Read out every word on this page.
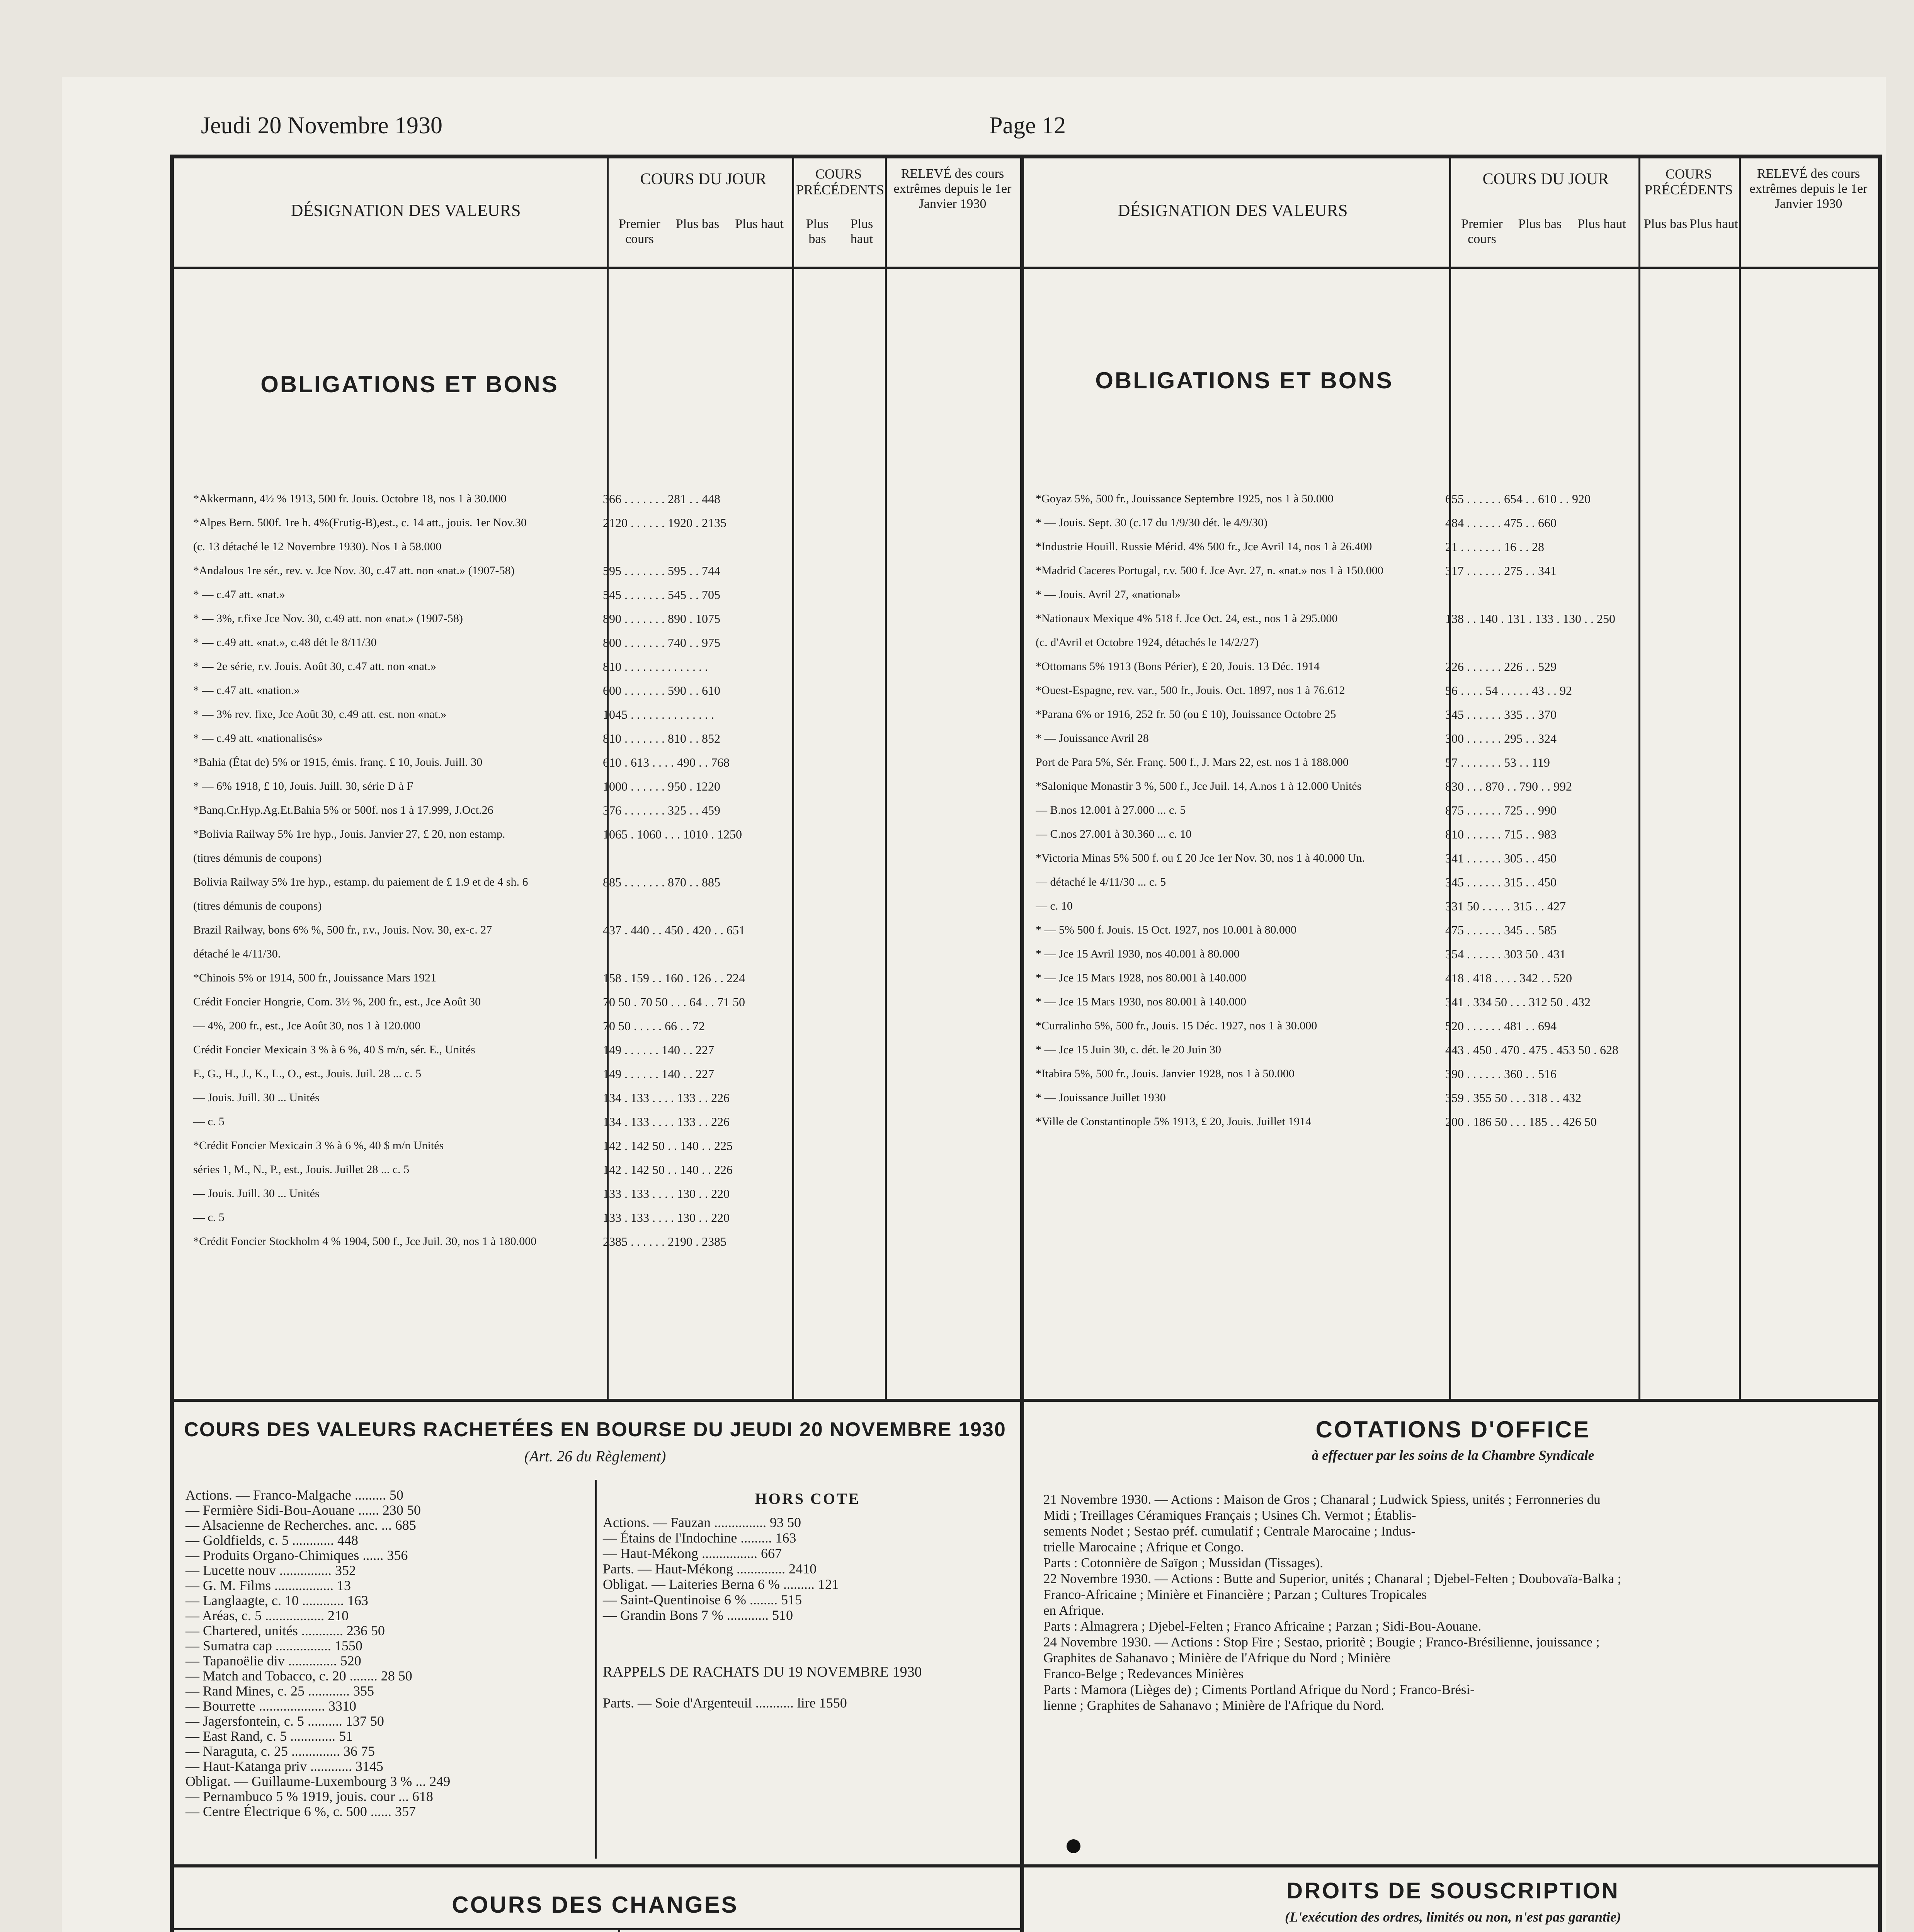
Jeudi 20 Novembre 1930	Page 12
DÉSIGNATION DES VALEURS
COURS DU JOUR	COURS PRÉCÉDENTS
RELEVÉ des cours extrêmes depuis le 1er Janvier 1930
Premier cours
Plus bas	Plus haut	Plus bas
Plus haut
DÉSIGNATION DES VALEURS
COURS DU JOUR	COURS PRÉCÉDENTS
RELEVÉ des cours extrêmes depuis le 1er Janvier 1930
Premier cours
Plus bas	Plus haut	Plus bas Plus haut
OBLIGATIONS ET BONS	OBLIGATIONS ET BONS
*Akkermann, 4½ % 1913, 500 fr. Jouis. Octobre 18, nos 1 à 30.000	366 . . . . . . . 281 . . 448
*Alpes Bern. 500f. 1re h. 4%(Frutig-B),est., c. 14 att., jouis. 1er Nov.30	2120 . . . . . . 1920 . 2135
(c. 13 détaché le 12 Novembre 1930). Nos 1 à 58.000
*Andalous 1re sér., rev. v. Jce Nov. 30, c.47 att. non «nat.» (1907-58)	595 . . . . . . . 595 . . 744
* — c.47 att. «nat.»	545 . . . . . . . 545 . . 705
* — 3%, r.fixe Jce Nov. 30, c.49 att. non «nat.» (1907-58)	890 . . . . . . . 890 . 1075
* — c.49 att. «nat.», c.48 dét le 8/11/30	800 . . . . . . . 740 . . 975
* — 2e série, r.v. Jouis. Août 30, c.47 att. non «nat.»	810 . . . . . . . . . . . . . .
* — c.47 att. «nation.»	600 . . . . . . . 590 . . 610
* — 3% rev. fixe, Jce Août 30, c.49 att. est. non «nat.»	1045 . . . . . . . . . . . . . .
* — c.49 att. «nationalisés»	810 . . . . . . . 810 . . 852
*Bahia (État de) 5% or 1915, émis. franç. £ 10, Jouis. Juill. 30	610 . 613 . . . . 490 . . 768
* — 6% 1918, £ 10, Jouis. Juill. 30, série D à F	1000 . . . . . . 950 . 1220
*Banq.Cr.Hyp.Ag.Et.Bahia 5% or 500f. nos 1 à 17.999, J.Oct.26	376 . . . . . . . 325 . . 459
*Bolivia Railway 5% 1re hyp., Jouis. Janvier 27, £ 20, non estamp.	1065 . 1060 . . . 1010 . 1250
(titres démunis de coupons)
Bolivia Railway 5% 1re hyp., estamp. du paiement de £ 1.9 et de 4 sh. 6	885 . . . . . . . 870 . . 885
(titres démunis de coupons)
Brazil Railway, bons 6% %, 500 fr., r.v., Jouis. Nov. 30, ex-c. 27	437 . 440 . . 450 . 420 . . 651
détaché le 4/11/30.
*Chinois 5% or 1914, 500 fr., Jouissance Mars 1921	158 . 159 . . 160 . 126 . . 224
Crédit Foncier Hongrie, Com. 3½ %, 200 fr., est., Jce Août 30	70 50 . 70 50 . . . 64 . . 71 50
— 4%, 200 fr., est., Jce Août 30, nos 1 à 120.000	70 50 . . . . . 66 . . 72
Crédit Foncier Mexicain 3 % à 6 %, 40 $ m/n, sér. E., Unités	149 . . . . . . 140 . . 227
F., G., H., J., K., L., O., est., Jouis. Juil. 28 ... c. 5	149 . . . . . . 140 . . 227
— Jouis. Juill. 30 ... Unités	134 . 133 . . . . 133 . . 226
— c. 5	134 . 133 . . . . 133 . . 226
*Crédit Foncier Mexicain 3 % à 6 %, 40 $ m/n Unités	142 . 142 50 . . 140 . . 225
séries 1, M., N., P., est., Jouis. Juillet 28 ... c. 5	142 . 142 50 . . 140 . . 226
— Jouis. Juill. 30 ... Unités	133 . 133 . . . . 130 . . 220
— c. 5	133 . 133 . . . . 130 . . 220
*Crédit Foncier Stockholm 4 % 1904, 500 f., Jce Juil. 30, nos 1 à 180.000	2385 . . . . . . 2190 . 2385
*Goyaz 5%, 500 fr., Jouissance Septembre 1925, nos 1 à 50.000	655 . . . . . . 654 . . 610 . . 920
* — Jouis. Sept. 30 (c.17 du 1/9/30 dét. le 4/9/30)	484 . . . . . . 475 . . 660
*Industrie Houill. Russie Mérid. 4% 500 fr., Jce Avril 14, nos 1 à 26.400	21 . . . . . . . 16 . . 28
*Madrid Caceres Portugal, r.v. 500 f. Jce Avr. 27, n. «nat.» nos 1 à 150.000	317 . . . . . . 275 . . 341
* — Jouis. Avril 27, «national»
*Nationaux Mexique 4% 518 f. Jce Oct. 24, est., nos 1 à 295.000	138 . . 140 . 131 . 133 . 130 . . 250
(c. d'Avril et Octobre 1924, détachés le 14/2/27)
*Ottomans 5% 1913 (Bons Périer), £ 20, Jouis. 13 Déc. 1914	226 . . . . . . 226 . . 529
*Ouest-Espagne, rev. var., 500 fr., Jouis. Oct. 1897, nos 1 à 76.612	56 . . . . 54 . . . . . 43 . . 92
*Parana 6% or 1916, 252 fr. 50 (ou £ 10), Jouissance Octobre 25	345 . . . . . . 335 . . 370
* — Jouissance Avril 28	300 . . . . . . 295 . . 324
Port de Para 5%, Sér. Franç. 500 f., J. Mars 22, est. nos 1 à 188.000	57 . . . . . . . 53 . . 119
*Salonique Monastir 3 %, 500 f., Jce Juil. 14, A.nos 1 à 12.000 Unités	830 . . . 870 . . 790 . . 992
— B.nos 12.001 à 27.000 ... c. 5	875 . . . . . . 725 . . 990
— C.nos 27.001 à 30.360 ... c. 10	810 . . . . . . 715 . . 983
*Victoria Minas 5% 500 f. ou £ 20 Jce 1er Nov. 30, nos 1 à 40.000 Un.	341 . . . . . . 305 . . 450
— détaché le 4/11/30 ... c. 5	345 . . . . . . 315 . . 450
— c. 10	331 50 . . . . . 315 . . 427
* — 5% 500 f. Jouis. 15 Oct. 1927, nos 10.001 à 80.000	475 . . . . . . 345 . . 585
* — Jce 15 Avril 1930, nos 40.001 à 80.000	354 . . . . . . 303 50 . 431
* — Jce 15 Mars 1928, nos 80.001 à 140.000	418 . 418 . . . . 342 . . 520
* — Jce 15 Mars 1930, nos 80.001 à 140.000	341 . 334 50 . . . 312 50 . 432
*Curralinho 5%, 500 fr., Jouis. 15 Déc. 1927, nos 1 à 30.000	520 . . . . . . 481 . . 694
* — Jce 15 Juin 30, c. dét. le 20 Juin 30	443 . 450 . 470 . 475 . 453 50 . 628
*Itabira 5%, 500 fr., Jouis. Janvier 1928, nos 1 à 50.000	390 . . . . . . 360 . . 516
* — Jouissance Juillet 1930	359 . 355 50 . . . 318 . . 432
*Ville de Constantinople 5% 1913, £ 20, Jouis. Juillet 1914	200 . 186 50 . . . 185 . . 426 50
COURS DES VALEURS RACHETÉES EN BOURSE DU JEUDI 20 NOVEMBRE 1930
(Art. 26 du Règlement)
Actions. — Franco-Malgache ......... 50
— Fermière Sidi-Bou-Aouane ...... 230 50
— Alsacienne de Recherches. anc. ... 685
— Goldfields, c. 5 ............ 448
— Produits Organo-Chimiques ...... 356
— Lucette nouv ............... 352
— G. M. Films ................. 13
— Langlaagte, c. 10 ............ 163
— Aréas, c. 5 ................. 210
— Chartered, unités ............ 236 50
— Sumatra cap ................ 1550
— Tapanoëlie div .............. 520
— Match and Tobacco, c. 20 ........ 28 50
— Rand Mines, c. 25 ............ 355
— Bourrette ................... 3310
— Jagersfontein, c. 5 .......... 137 50
— East Rand, c. 5 ............. 51
— Naraguta, c. 25 .............. 36 75
— Haut-Katanga priv ............ 3145
Obligat. — Guillaume-Luxembourg 3 % ... 249
— Pernambuco 5 % 1919, jouis. cour ... 618
— Centre Électrique 6 %, c. 500 ...... 357
HORS COTE
Actions. — Fauzan ............... 93 50
— Étains de l'Indochine ......... 163
— Haut-Mékong ................ 667
Parts. — Haut-Mékong .............. 2410
Obligat. — Laiteries Berna 6 % ......... 121
— Saint-Quentinoise 6 % ........ 515
— Grandin Bons 7 % ............ 510
RAPPELS DE RACHATS DU 19 NOVEMBRE 1930
Parts. — Soie d'Argenteuil ........... lire 1550
COTATIONS D'OFFICE
à effectuer par les soins de la Chambre Syndicale
21 Novembre 1930. — Actions : Maison de Gros ; Chanaral ; Ludwick Spiess, unités ; Ferronneries du
Midi ; Treillages Céramiques Français ; Usines Ch. Vermot ; Établis-
sements Nodet ; Sestao préf. cumulatif ; Centrale Marocaine ; Indus-
trielle Marocaine ; Afrique et Congo.
Parts : Cotonnière de Saïgon ; Mussidan (Tissages).
22 Novembre 1930. — Actions : Butte and Superior, unités ; Chanaral ; Djebel-Felten ; Doubovaïa-Balka ;
Franco-Africaine ; Minière et Financière ; Parzan ; Cultures Tropicales
en Afrique.
Parts : Almagrera ; Djebel-Felten ; Franco Africaine ; Parzan ; Sidi-Bou-Aouane.
24 Novembre 1930. — Actions : Stop Fire ; Sestao, prioritè ; Bougie ; Franco-Brésilienne, jouissance ;
Graphites de Sahanavo ; Minière de l'Afrique du Nord ; Minière
Franco-Belge ; Redevances Minières
Parts : Mamora (Lièges de) ; Ciments Portland Afrique du Nord ; Franco-Brési-
lienne ; Graphites de Sahanavo ; Minière de l'Afrique du Nord.
COURS DES CHANGES
DROITS DE SOUSCRIPTION
(L'exécution des ordres, limités ou non, n'est pas garantie)
